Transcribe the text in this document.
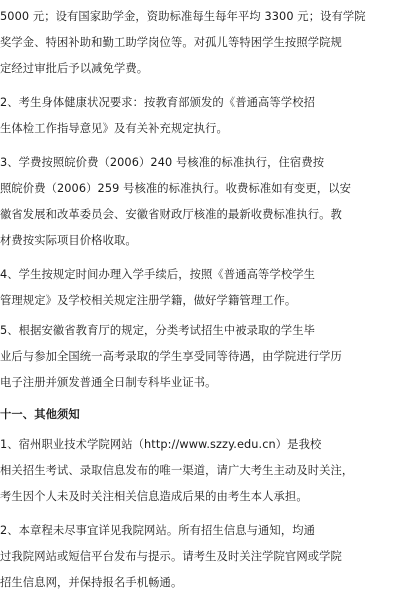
5000 元；设有国家助学金，资助标准每生每年平均 3300 元；设有学院
奖学金、特困补助和勤工助学岗位等。对孤儿等特困学生按照学院规
定经过审批后予以减免学费。

2、考生身体健康状况要求：按教育部颁发的《普通高等学校招
生体检工作指导意见》及有关补充规定执行。

3、学费按照皖价费（2006）240 号核准的标准执行，住宿费按
照皖价费（2006）259 号核准的标准执行。收费标准如有变更，以安
徽省发展和改革委员会、安徽省财政厅核准的最新收费标准执行。教
材费按实际项目价格收取。

4、学生按规定时间办理入学手续后，按照《普通高等学校学生
管理规定》及学校相关规定注册学籍，做好学籍管理工作。

5、根据安徽省教育厅的规定，分类考试招生中被录取的学生毕
业后与参加全国统一高考录取的学生享受同等待遇，由学院进行学历
电子注册并颁发普通全日制专科毕业证书。

十一、其他须知

1、宿州职业技术学院网站（http://www.szzy.edu.cn）是我校
相关招生考试、录取信息发布的唯一渠道，请广大考生主动及时关注，
考生因个人未及时关注相关信息造成后果的由考生本人承担。

2、本章程未尽事宜详见我院网站。所有招生信息与通知，均通
过我院网站或短信平台发布与提示。请考生及时关注学院官网或学院
招生信息网，并保持报名手机畅通。
